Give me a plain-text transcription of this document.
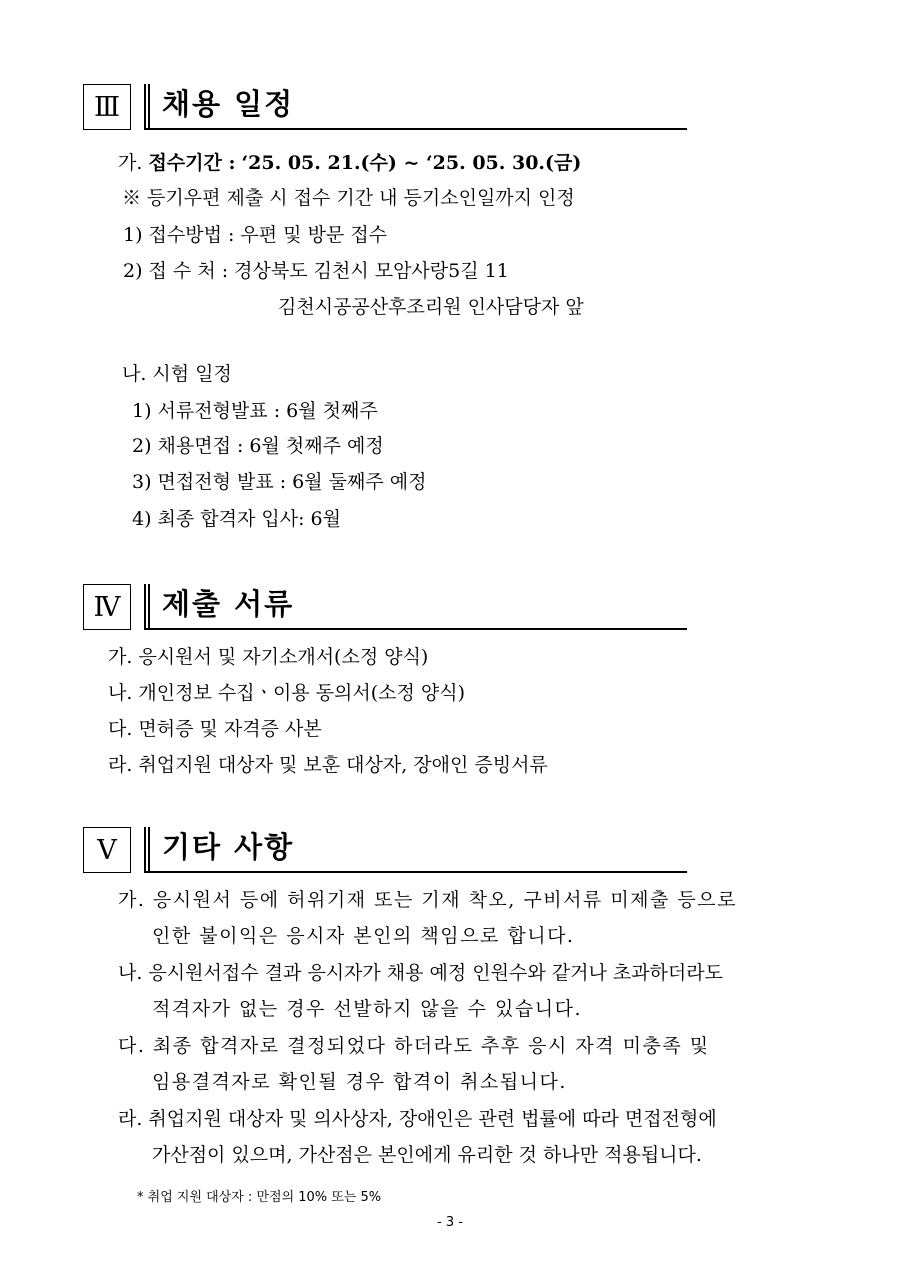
Ⅲ	채용 일정
가. 접수기간 : ‘25. 05. 21.(수) ~ ‘25. 05. 30.(금)
※ 등기우편 제출 시 접수 기간 내 등기소인일까지 인정
1) 접수방법 : 우편 및 방문 접수
2) 접 수 처 : 경상북도 김천시 모암사랑5길 11
김천시공공산후조리원 인사담당자 앞
나. 시험 일정
1) 서류전형발표 : 6월 첫째주
2) 채용면접 : 6월 첫째주 예정
3) 면접전형 발표 : 6월 둘째주 예정
4) 최종 합격자 입사: 6월
Ⅳ	제출 서류
가. 응시원서 및 자기소개서(소정 양식)
나. 개인정보 수집ㆍ이용 동의서(소정 양식)
다. 면허증 및 자격증 사본
라. 취업지원 대상자 및 보훈 대상자, 장애인 증빙서류
Ⅴ	기타 사항
가. 응시원서 등에 허위기재 또는 기재 착오, 구비서류 미제출 등으로
인한 불이익은 응시자 본인의 책임으로 합니다.
나. 응시원서접수 결과 응시자가 채용 예정 인원수와 같거나 초과하더라도
적격자가 없는 경우 선발하지 않을 수 있습니다.
다. 최종 합격자로 결정되었다 하더라도 추후 응시 자격 미충족 및
임용결격자로 확인될 경우 합격이 취소됩니다.
라. 취업지원 대상자 및 의사상자, 장애인은 관련 법률에 따라 면접전형에
가산점이 있으며, 가산점은 본인에게 유리한 것 하나만 적용됩니다.
* 취업 지원 대상자 : 만점의 10% 또는 5%
- 3 -
